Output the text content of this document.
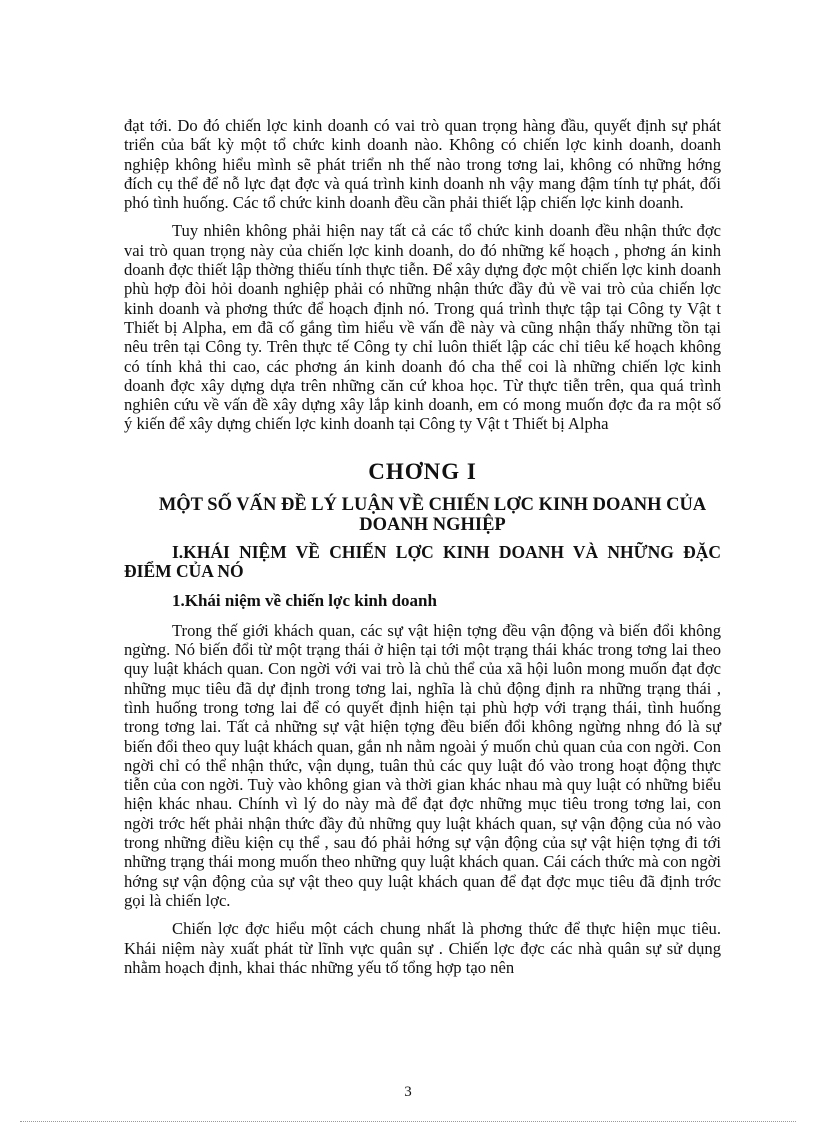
đạt tới. Do đó chiến lợc kinh doanh có vai trò quan trọng hàng đầu, quyết định sự phát triển của bất kỳ một tổ chức kinh doanh nào. Không có chiến lợc kinh doanh, doanh nghiệp không hiểu mình sẽ phát triển nh thế nào trong tơng lai, không có những hớng đích cụ thể để nỗ lực đạt đợc và quá trình kinh doanh nh vậy mang đậm tính tự phát, đối phó tình huống. Các tổ chức kinh doanh đều cần phải thiết lập chiến lợc kinh doanh.

Tuy nhiên không phải hiện nay tất cả các tổ chức kinh doanh đều nhận thức đợc vai trò quan trọng này của chiến lợc kinh doanh, do đó những kế hoạch , phơng án kinh doanh đợc thiết lập thờng thiếu tính thực tiễn. Để xây dựng đợc một chiến lợc kinh doanh phù hợp đòi hỏi doanh nghiệp phải có những nhận thức đầy đủ về vai trò của chiến lợc kinh doanh và phơng thức để hoạch định nó. Trong quá trình thực tập tại Công ty Vật t Thiết bị Alpha, em đã cố gắng tìm hiểu về vấn đề này và cũng nhận thấy những tồn tại nêu trên tại Công ty. Trên thực tế Công ty chỉ luôn thiết lập các chỉ tiêu kế hoạch không có tính khả thi cao, các phơng án kinh doanh đó cha thể coi là những chiến lợc kinh doanh đợc xây dựng dựa trên những căn cứ khoa học. Từ thực tiễn trên, qua quá trình nghiên cứu về vấn đề xây dựng xây lắp kinh doanh, em có mong muốn đợc đa ra một số ý kiến để xây dựng chiến lợc kinh doanh tại Công ty Vật t Thiết bị Alpha

CHƠNG I
MỘT SỐ VẤN ĐỀ LÝ LUẬN VỀ CHIẾN LỢC KINH DOANH CỦA DOANH NGHIỆP
I.KHÁI NIỆM VỀ CHIẾN LỢC KINH DOANH VÀ NHỮNG ĐẶC ĐIỂM CỦA NÓ
1.Khái niệm về chiến lợc kinh doanh

Trong thế giới khách quan, các sự vật hiện tợng đều vận động và biến đổi không ngừng. Nó biến đổi từ một trạng thái ở hiện tại tới một trạng thái khác trong tơng lai theo quy luật khách quan. Con ngời với vai trò là chủ thể của xã hội luôn mong muốn đạt đợc những mục tiêu đã dự định trong tơng lai, nghĩa là chủ động định ra những trạng thái , tình huống trong tơng lai để có quyết định hiện tại phù hợp với trạng thái, tình huống trong tơng lai. Tất cả những sự vật hiện tợng đều biến đổi không ngừng nhng đó là sự biến đổi theo quy luật khách quan, gắn nh nằm ngoài ý muốn chủ quan của con ngời. Con ngời chỉ có thể nhận thức, vận dụng, tuân thủ các quy luật đó vào trong hoạt động thực tiễn của con ngời. Tuỳ vào không gian và thời gian khác nhau mà quy luật có những biểu hiện khác nhau. Chính vì lý do này mà để đạt đợc những mục tiêu trong tơng lai, con ngời trớc hết phải nhận thức đầy đủ những quy luật khách quan, sự vận động của nó vào trong những điều kiện cụ thể , sau đó phải hớng sự vận động của sự vật hiện tợng đi tới những trạng thái mong muốn theo những quy luật khách quan. Cái cách thức mà con ngời hớng sự vận động của sự vật theo quy luật khách quan để đạt đợc mục tiêu đã định trớc gọi là chiến lợc.

Chiến lợc đợc hiểu một cách chung nhất là phơng thức để thực hiện mục tiêu. Khái niệm này xuất phát từ lĩnh vực quân sự . Chiến lợc đợc các nhà quân sự sử dụng nhằm hoạch định, khai thác những yếu tố tổng hợp tạo nên

3
